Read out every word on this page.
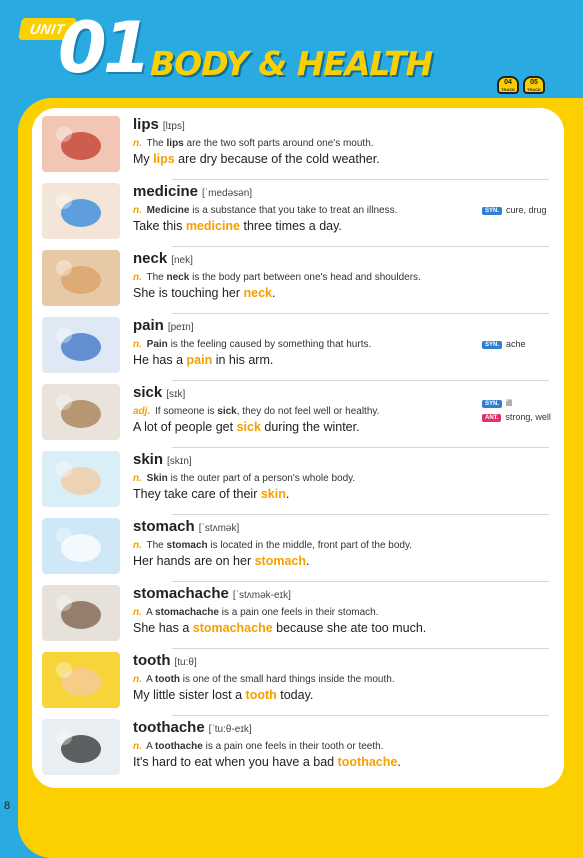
UNIT
01 BODY & HEALTH	04
TRACK
05
TRACK
lips [lɪps]
n. The lips are the two soft parts around one's mouth.
My lips are dry because of the cold weather.
medicine [ˈmedəsən]
n. Medicine is a substance that you take to treat an illness.
Take this medicine three times a day.
SYN. cure, drug
neck [nek]
n. The neck is the body part between one's head and shoulders.
She is touching her neck.
pain [peɪn]
n. Pain is the feeling caused by something that hurts.
He has a pain in his arm.
SYN. ache
sick [sɪk]
adj. If someone is sick, they do not feel well or healthy.
A lot of people get sick during the winter.
SYN. ill
ANT. strong, well
skin [skɪn]
n. Skin is the outer part of a person's whole body.
They take care of their skin.
stomach [ˈstʌmək]
n. The stomach is located in the middle, front part of the body.
Her hands are on her stomach.
stomachache [ˈstʌmək-eɪk]
n. A stomachache is a pain one feels in their stomach.
She has a stomachache because she ate too much.
tooth [tu:θ]
n. A tooth is one of the small hard things inside the mouth.
My little sister lost a tooth today.
toothache [ˈtu:θ-eɪk]
n. A toothache is a pain one feels in their tooth or teeth.
It's hard to eat when you have a bad toothache.
8
